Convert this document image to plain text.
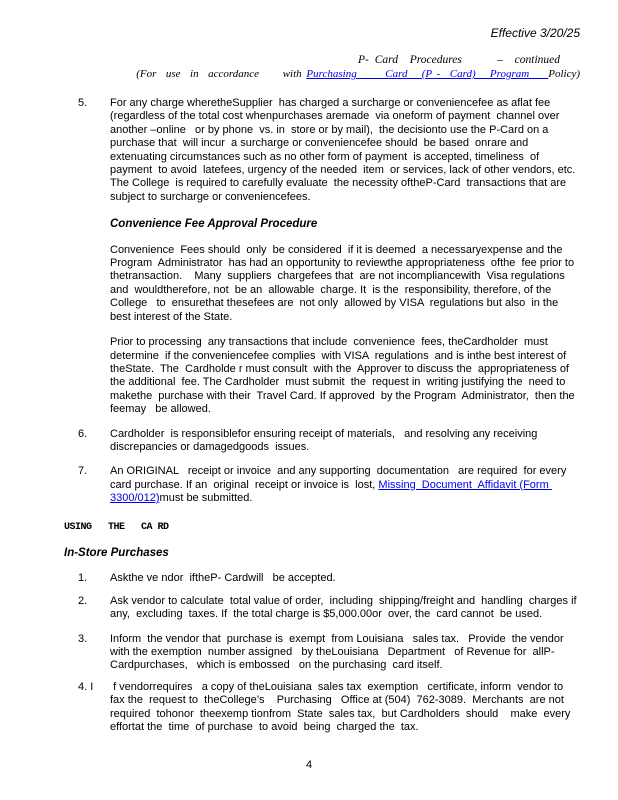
Effective 3/20/25
P- Card  Procedures      –  continued
(For  use  in  accordance     with Purchasing      Card   (P -  Card)   Program    Policy)
5.	For any charge wheretheSupplier  has charged a surcharge or conveniencefee as aflat fee (regardless of the total cost whenpurchases aremade  via oneform of payment  channel over another –online   or by phone  vs. in  store or by mail),  the decisionto use the P-Card on a purchase that  will incur  a surcharge or conveniencefee should  be based  onrare and extenuating circumstances such as no other form of payment  is accepted, timeliness  of payment  to avoid  latefees, urgency of the needed  item  or services, lack of other vendors, etc. The College  is required to carefully evaluate  the necessity oftheP-Card  transactions that are subject to surcharge or conveniencefees.
Convenience Fee Approval Procedure
Convenience  Fees should  only  be considered  if it is deemed  a necessaryexpense and the Program  Administrator  has had an opportunity to reviewthe appropriateness  ofthe  fee prior to thetransaction.    Many  suppliers  chargefees that  are not incompliancewith  Visa regulations  and  wouldtherefore, not  be an  allowable  charge. It  is the  responsibility, therefore, of the College   to  ensurethat thesefees are  not only  allowed by VISA  regulations but also  in the best interest of the State.
Prior to processing  any transactions that include  convenience  fees, theCardholder  must determine  if the conveniencefee complies  with VISA  regulations  and is inthe best interest of theState.  The  Cardholde r must consult  with the  Approver to discuss the  appropriateness of the additional  fee. The Cardholder  must submit  the  request in  writing justifying the  need to makethe  purchase with their  Travel Card. If approved  by the Program  Administrator,  then the feemay   be allowed.
6.	Cardholder  is responsiblefor ensuring receipt of materials,   and resolving any receiving discrepancies or damagedgoods  issues.
7.	An ORIGINAL   receipt or invoice  and any supporting  documentation   are required  for every card purchase. If an  original  receipt or invoice is  lost, Missing  Document  Affidavit (Form 3300/012)must be submitted.
USING   THE   CA RD
In-Store Purchases
1.	Askthe ve ndor  iftheP- Cardwill   be accepted.
2.	Ask vendor to calculate  total value of order,  including  shipping/freight and  handling  charges if any,  excluding  taxes. If  the total charge is $5,000.00or  over, the  card cannot  be used.
3.	Inform  the vendor that  purchase is  exempt  from Louisiana   sales tax.   Provide  the vendor with the exemption  number assigned   by theLouisiana   Department   of Revenue for  allP-Cardpurchases,   which is embossed   on the purchasing  card itself.
4. I	f vendorrequires   a copy of theLouisiana  sales tax  exemption   certificate, inform  vendor to fax the  request to  theCollege’s    Purchasing   Office at (504)  762-3089.  Merchants  are not required  tohonor  theexemp tionfrom  State  sales tax,  but Cardholders  should    make  every effortat the  time  of purchase  to avoid  being  charged the  tax.
4
